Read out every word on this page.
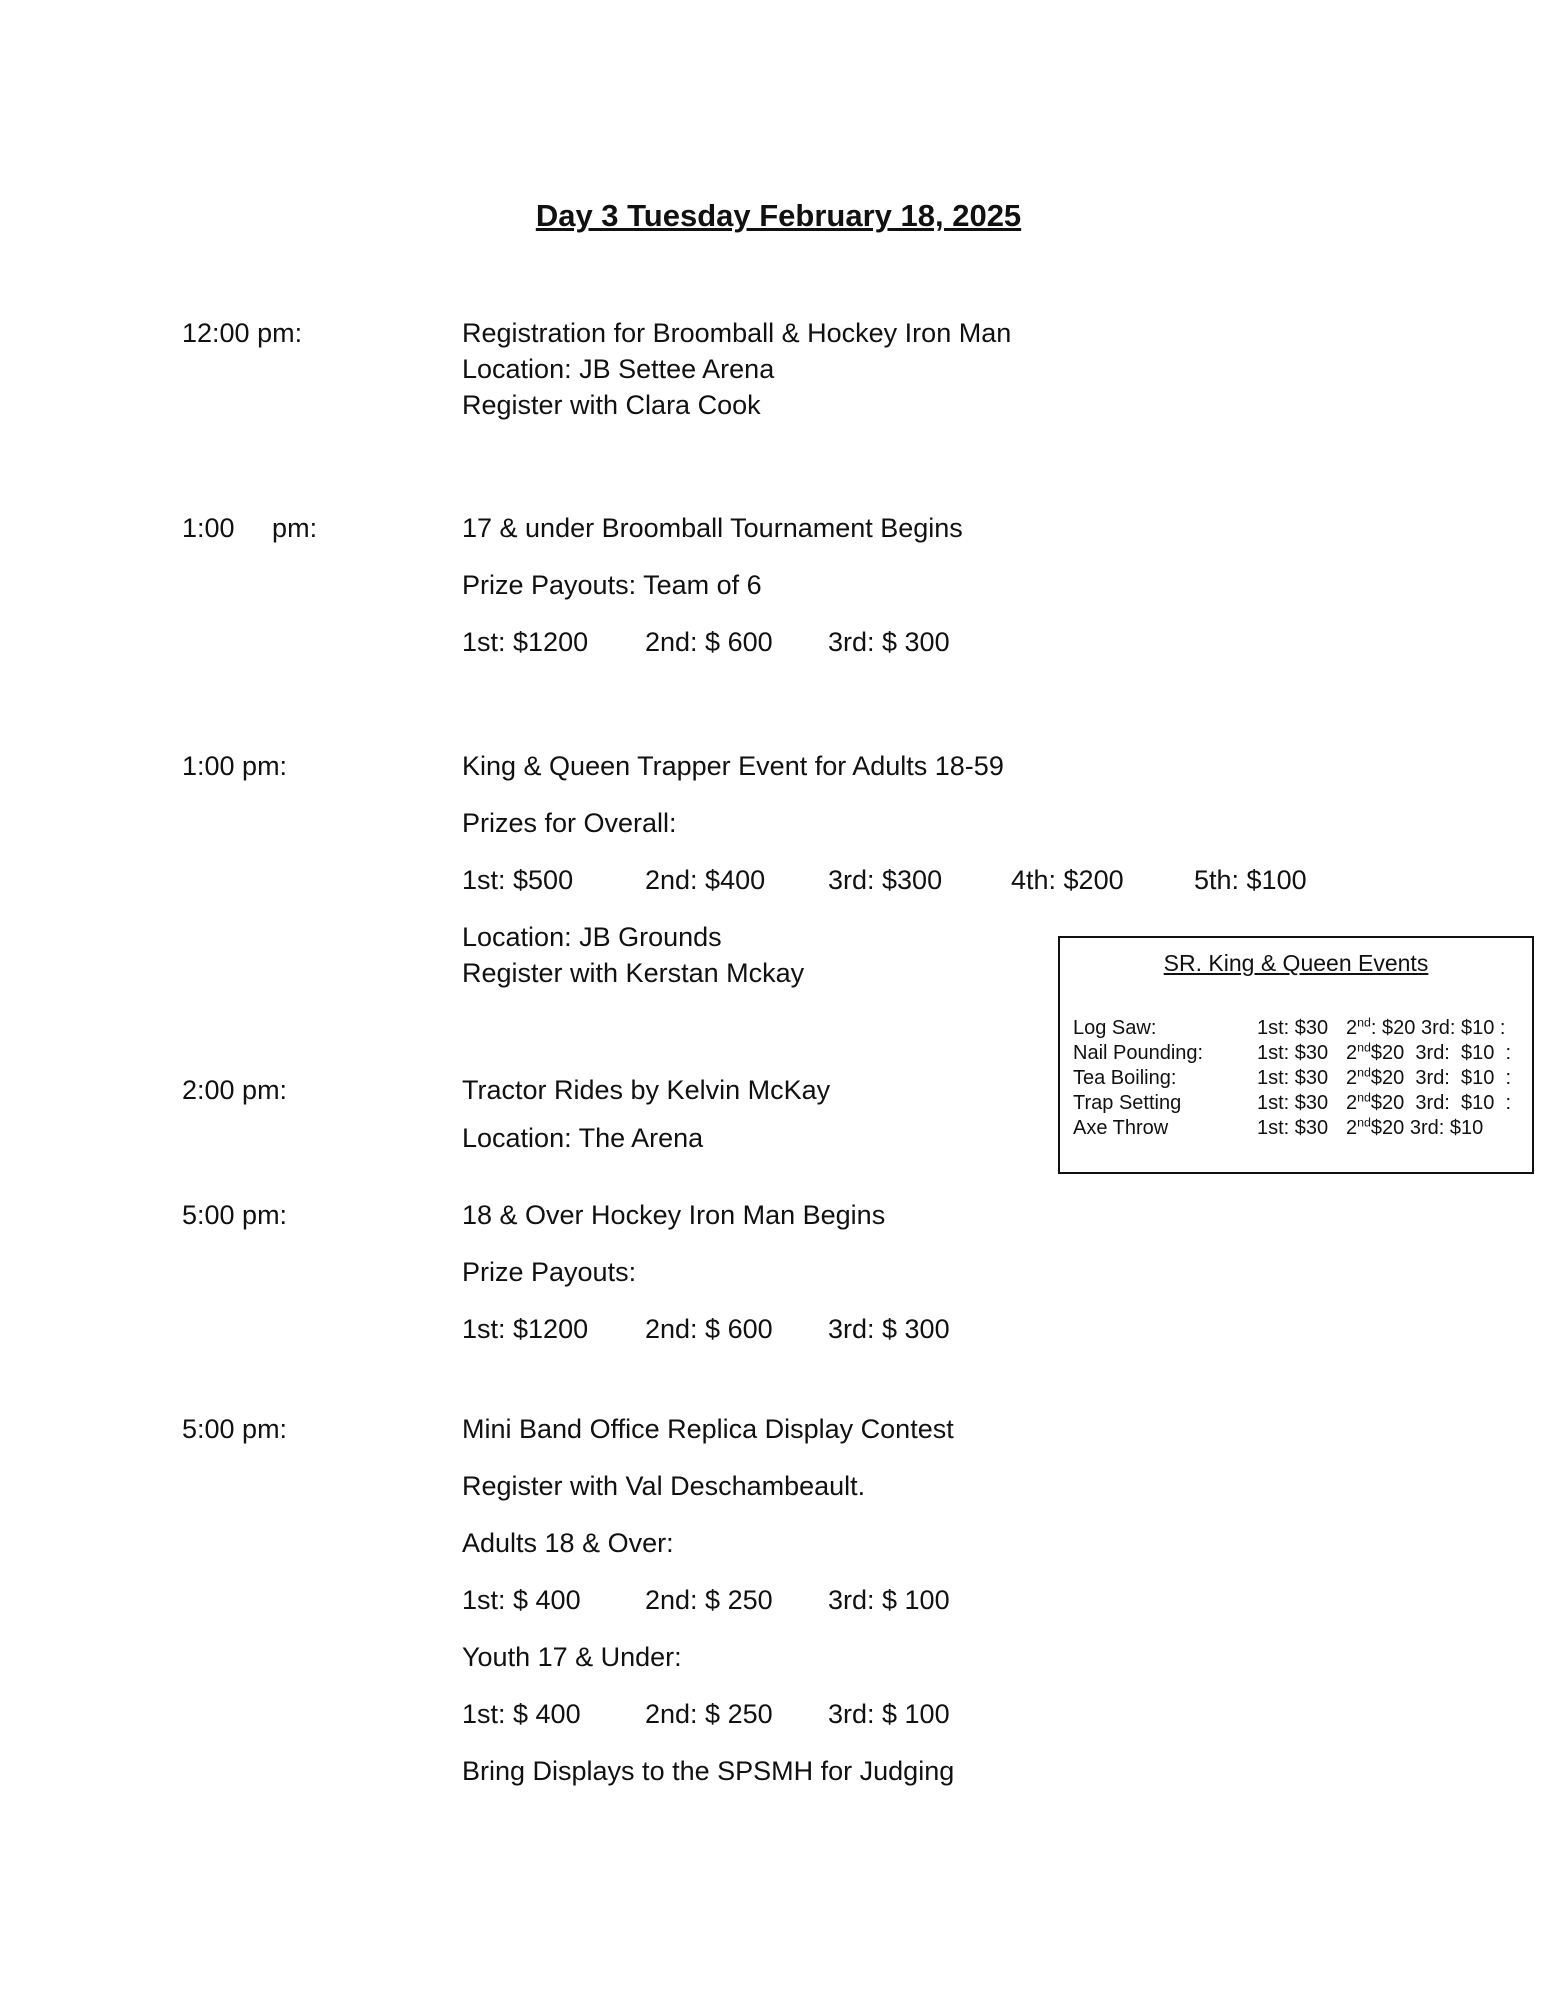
Day 3 Tuesday February 18, 2025
12:00 pm:	Registration for Broomball & Hockey Iron Man

Location: JB Settee Arena

Register with Clara Cook

1:00     pm:	17 & under Broomball Tournament Begins

Prize Payouts: Team of 6

1st: $1200 2nd: $ 600 3rd: $ 300

1:00 pm:	King & Queen Trapper Event for Adults 18-59

Prizes for Overall:

1st: $500	2nd: $400 3rd: $300	4th: $200	5th: $100

Location: JB Grounds

Register with Kerstan Mckay	SR. King & Queen Events
Log Saw:	1st: $30 2nd: $20 3rd: $10 :
Nail Pounding:	1st: $30 2nd$20  3rd:  $10  :
Tea Boiling:	1st: $30 2nd$20  3rd:  $10  :
Trap Setting	1st: $30 2nd$20  3rd:  $10  :
Axe Throw	1st: $30 2nd$20 3rd: $10
2:00 pm:	Tractor Rides by Kelvin McKay

Location: The Arena

5:00 pm:	18 & Over Hockey Iron Man Begins

Prize Payouts:

1st: $1200 2nd: $ 600 3rd: $ 300

5:00 pm:	Mini Band Office Replica Display Contest

Register with Val Deschambeault.

Adults 18 & Over:

1st: $ 400 2nd: $ 250 3rd: $ 100

Youth 17 & Under:

1st: $ 400 2nd: $ 250 3rd: $ 100

Bring Displays to the SPSMH for Judging
